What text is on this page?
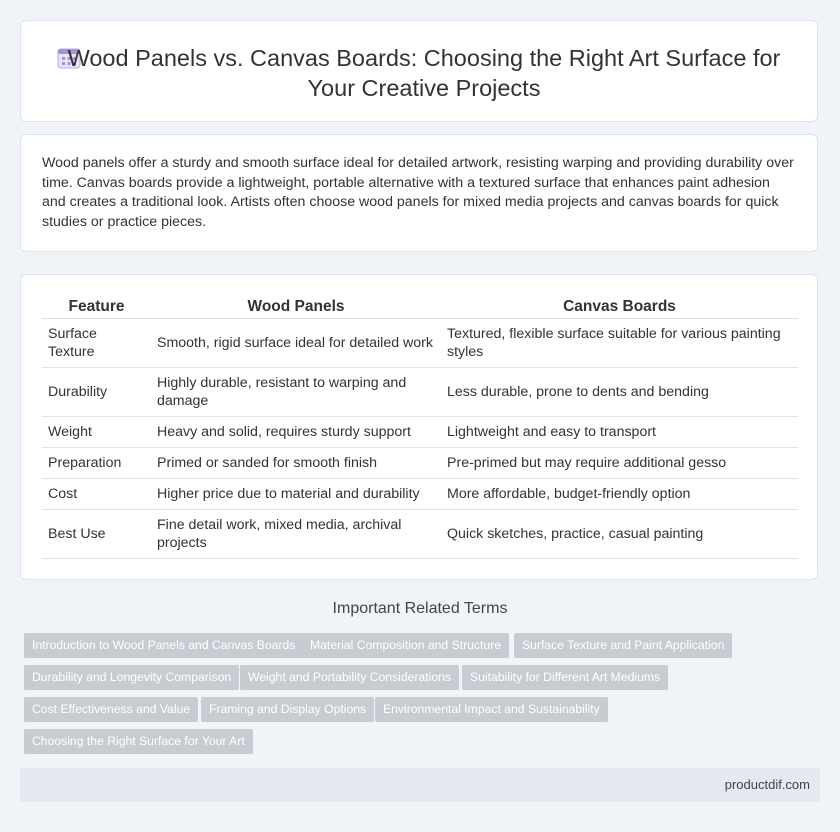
Wood Panels vs. Canvas Boards: Choosing the Right Art Surface for Your Creative Projects
Wood panels offer a sturdy and smooth surface ideal for detailed artwork, resisting warping and providing durability over time. Canvas boards provide a lightweight, portable alternative with a textured surface that enhances paint adhesion and creates a traditional look. Artists often choose wood panels for mixed media projects and canvas boards for quick studies or practice pieces.
Feature	Wood Panels	Canvas Boards
Surface Texture	Smooth, rigid surface ideal for detailed work	Textured, flexible surface suitable for various painting styles
Durability	Highly durable, resistant to warping and damage	Less durable, prone to dents and bending
Weight	Heavy and solid, requires sturdy support	Lightweight and easy to transport
Preparation	Primed or sanded for smooth finish	Pre-primed but may require additional gesso
Cost	Higher price due to material and durability	More affordable, budget-friendly option
Best Use	Fine detail work, mixed media, archival projects	Quick sketches, practice, casual painting
Important Related Terms
Introduction to Wood Panels and Canvas Boards	Material Composition and Structure	Surface Texture and Paint Application
Durability and Longevity Comparison	Weight and Portability Considerations	Suitability for Different Art Mediums
Cost Effectiveness and Value	Framing and Display Options	Environmental Impact and Sustainability
Choosing the Right Surface for Your Art
productdif.com
